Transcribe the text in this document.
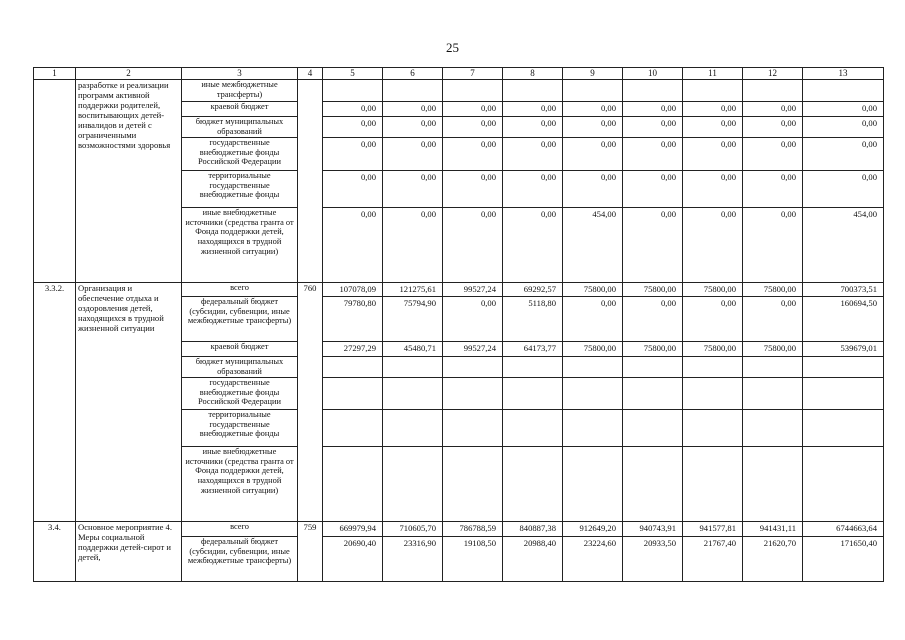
25
1	2	3	4	5	6	7	8	9	10	11	12	13
	разработке и реализации программ активной поддержки родителей, воспитывающих детей-инвалидов и детей с ограниченными возможностями здоровья	иные межбюджетные трансферты)		

		краевой бюджет		0,00	0,00	0,00	0,00	0,00	0,00	0,00	0,00	0,00

		бюджет муниципальных образований		0,00	0,00	0,00	0,00	0,00	0,00	0,00	0,00	0,00

		государственные внебюджетные фонды Российской Федерации		0,00	0,00	0,00	0,00	0,00	0,00	0,00	0,00	0,00

		территориальные государственные внебюджетные фонды		0,00	0,00	0,00	0,00	0,00	0,00	0,00	0,00	0,00

		иные внебюджетные источники (средства гранта от Фонда поддержки детей, находящихся в трудной жизненной ситуации)		0,00	0,00	0,00	0,00	454,00	0,00	0,00	0,00	454,00

3.3.2.	Организация и обеспечение отдыха и оздоровления детей, находящихся в трудной жизненной ситуации	всего	760	107078,09	121275,61	99527,24	69292,57	75800,00	75800,00	75800,00	75800,00	700373,51

		федеральный бюджет (субсидии, субвенции, иные межбюджетные трансферты)		79780,80	75794,90	0,00	5118,80	0,00	0,00	0,00	0,00	160694,50

		краевой бюджет		27297,29	45480,71	99527,24	64173,77	75800,00	75800,00	75800,00	75800,00	539679,01

		бюджет муниципальных образований		

		государственные внебюджетные фонды Российской Федерации		

		территориальные государственные внебюджетные фонды		

		иные внебюджетные источники (средства гранта от Фонда поддержки детей, находящихся в трудной жизненной ситуации)		

3.4.	Основное мероприятие 4. Меры социальной поддержки детей-сирот и детей,	всего	759	669979,94	710605,70	786788,59	840887,38	912649,20	940743,91	941577,81	941431,11	6744663,64

		федеральный бюджет (субсидии, субвенции, иные межбюджетные трансферты)		20690,40	23316,90	19108,50	20988,40	23224,60	20933,50	21767,40	21620,70	171650,40
